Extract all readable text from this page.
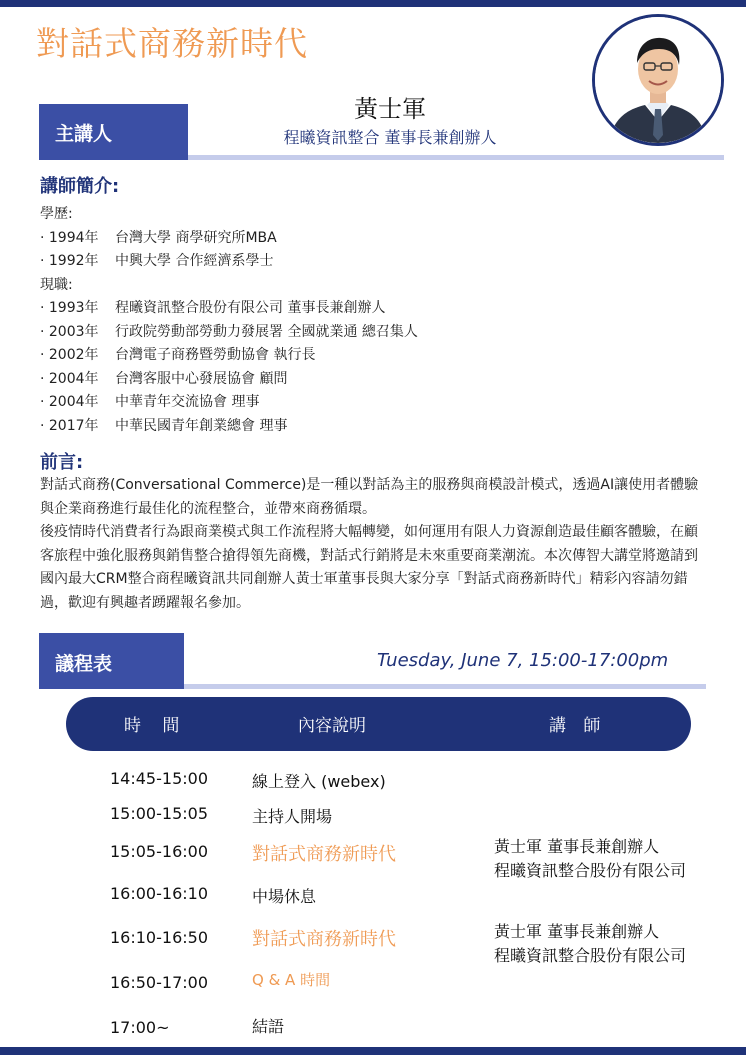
對話式商務新時代
主講人
黃士軍
程曦資訊整合 董事長兼創辦人
講師簡介:
學歷:
· 1994年 台灣大學 商學研究所MBA
· 1992年 中興大學 合作經濟系學士
現職:
· 1993年 程曦資訊整合股份有限公司 董事長兼創辦人
· 2003年 行政院勞動部勞動力發展署 全國就業通 總召集人
· 2002年 台灣電子商務暨勞動協會 執行長
· 2004年 台灣客服中心發展協會 顧問
· 2004年 中華青年交流協會 理事
· 2017年 中華民國青年創業總會 理事
前言:

對話式商務(Conversational Commerce)是一種以對話為主的服務與商模設計模式，透過AI讓使用者體驗與企業商務進行最佳化的流程整合，並帶來商務循環。

後疫情時代消費者行為跟商業模式與工作流程將大幅轉變，如何運用有限人力資源創造最佳顧客體驗，在顧客旅程中強化服務與銷售整合搶得領先商機，對話式行銷將是未來重要商業潮流。本次傳智大講堂將邀請到國內最大CRM整合商程曦資訊共同創辦人黃士軍董事長與大家分享「對話式商務新時代」精彩內容請勿錯過，歡迎有興趣者踴躍報名參加。

議程表	Tuesday, June 7, 15:00-17:00pm
時 間	內容說明	講 師
14:45-15:00	線上登入 (webex)
15:00-15:05	主持人開場
15:05-16:00 對話式商務新時代	黃士軍 董事長兼創辦人
程曦資訊整合股份有限公司
16:00-16:10	中場休息
16:10-16:50 對話式商務新時代	黃士軍 董事長兼創辦人
程曦資訊整合股份有限公司
16:50-17:00	Q & A 時間
17:00~	結語
